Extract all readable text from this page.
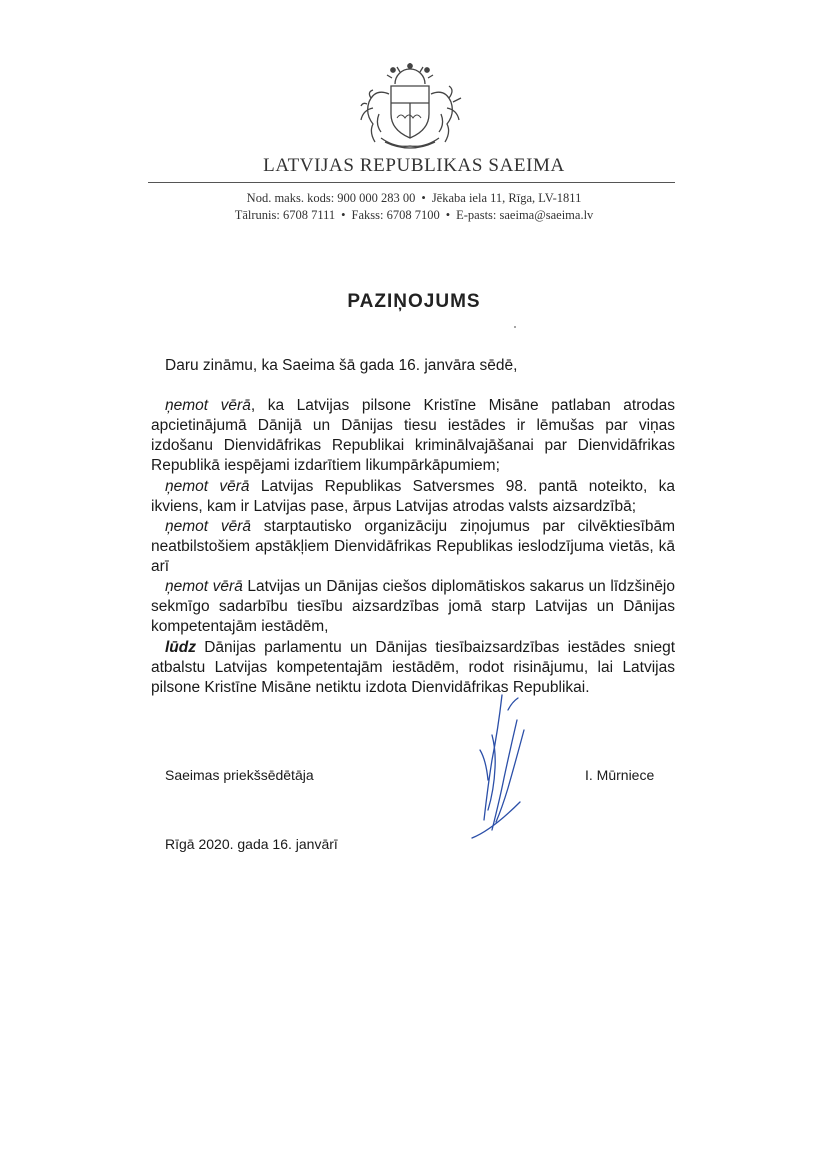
LATVIJAS REPUBLIKAS SAEIMA
Nod. maks. kods: 900 000 283 00 • Jēkaba iela 11, Rīga, LV-1811
Tālrunis: 6708 7111 • Fakss: 6708 7100 • E-pasts: saeima@saeima.lv
PAZIŅOJUMS
Daru zināmu, ka Saeima šā gada 16. janvāra sēdē,

ņemot vērā, ka Latvijas pilsone Kristīne Misāne patlaban atrodas apcietinājumā Dānijā un Dānijas tiesu iestādes ir lēmušas par viņas izdošanu Dienvidāfrikas Republikai kriminālvajāšanai par Dienvidāfrikas Republikā iespējami izdarītiem likumpārkāpumiem;

ņemot vērā Latvijas Republikas Satversmes 98. pantā noteikto, ka ikviens, kam ir Latvijas pase, ārpus Latvijas atrodas valsts aizsardzībā;

ņemot vērā starptautisko organizāciju ziņojumus par cilvēktiesībām neatbilstošiem apstākļiem Dienvidāfrikas Republikas ieslodzījuma vietās, kā arī

ņemot vērā Latvijas un Dānijas ciešos diplomātiskos sakarus un līdzšinējo sekmīgo sadarbību tiesību aizsardzības jomā starp Latvijas un Dānijas kompetentajām iestādēm,

lūdz Dānijas parlamentu un Dānijas tiesībaizsardzības iestādes sniegt atbalstu Latvijas kompetentajām iestādēm, rodot risinājumu, lai Latvijas pilsone Kristīne Misāne netiktu izdota Dienvidāfrikas Republikai.

Saeimas priekšsēdētāja	I. Mūrniece
Rīgā 2020. gada 16. janvārī
